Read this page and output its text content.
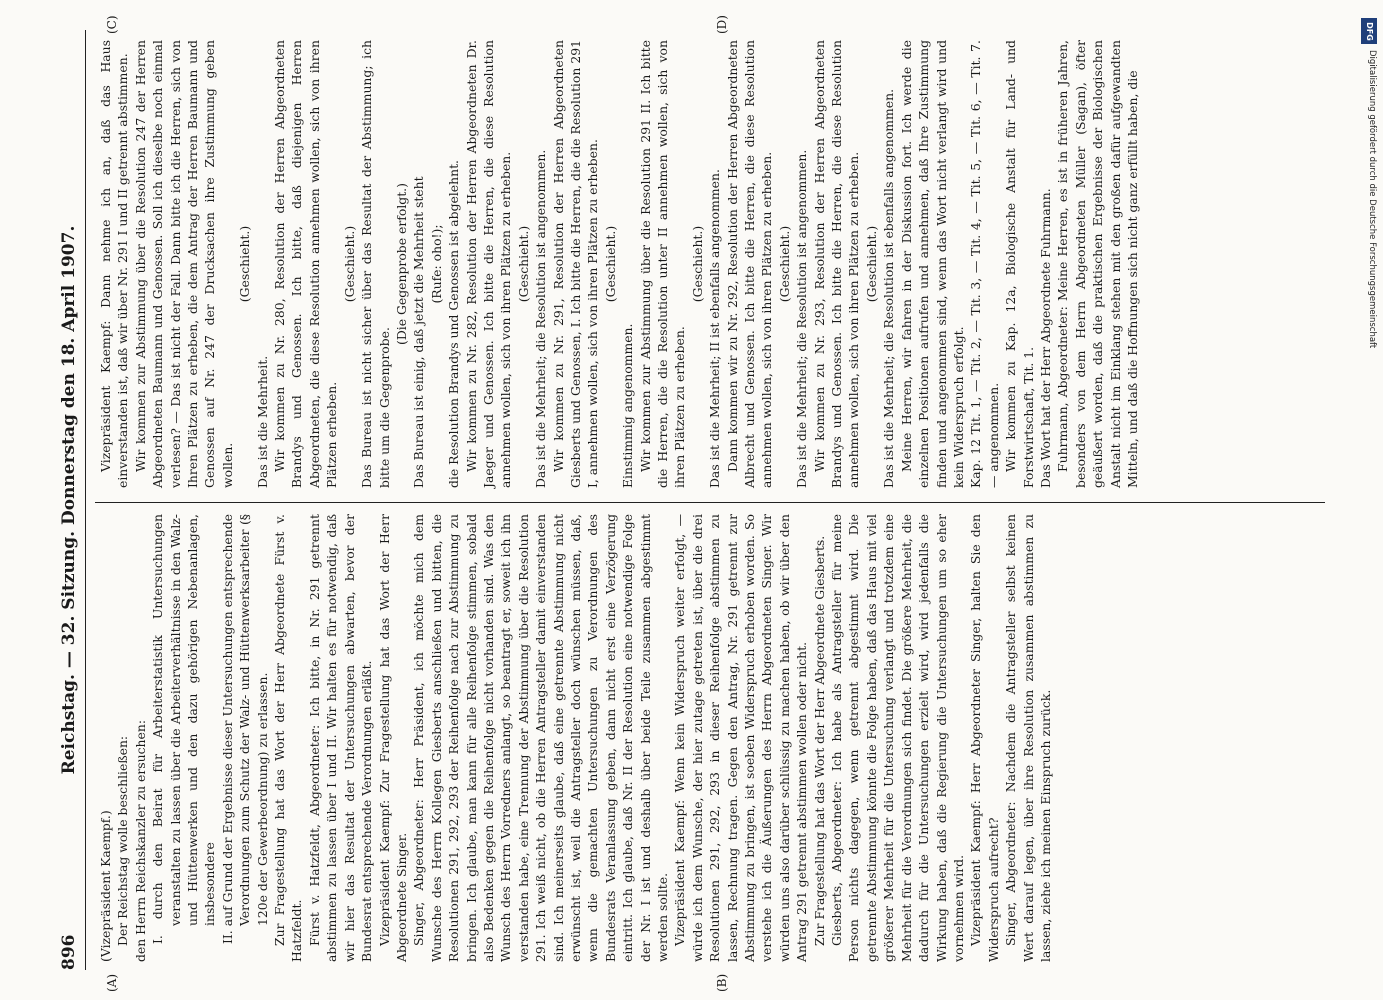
896
Reichstag. — 32. Sitzung. Donnerstag den 18. April 1907.
(A)	(B)
(C)	(D)

(Vizepräsident Kaempf.) Der Reichstag wolle beschließen: den Herrn Reichskanzler zu ersuchen: I. durch den Beirat für Arbeiterstatistik Untersuchungen veranstalten zu lassen über die Arbeiterverhältnisse in den Walz- und Hüttenwerken und den dazu gehörigen Nebenanlagen, insbesondere II. auf Grund der Ergebnisse dieser Untersuchungen entsprechende Verordnungen zum Schutz der Walz- und Hüttenwerksarbeiter (§ 120e der Gewerbeordnung) zu erlassen. Zur Fragestellung hat das Wort der Herr Abgeordnete Fürst v. Hatzfeldt. Fürst v. Hatzfeldt, Abgeordneter: Ich bitte, in Nr. 291 getrennt abstimmen zu lassen über I und II. Wir halten es für notwendig, daß wir hier das Resultat der Untersuchungen abwarten, bevor der Bundesrat entsprechende Verordnungen erläßt. Vizepräsident Kaempf: Zur Fragestellung hat das Wort der Herr Abgeordnete Singer. Singer, Abgeordneter: Herr Präsident, ich möchte mich dem Wunsche des Herrn Kollegen Giesberts anschließen und bitten, die Resolutionen 291, 292, 293 der Reihenfolge nach zur Abstimmung zu bringen. Ich glaube, man kann für alle Reihenfolge stimmen, sobald also Bedenken gegen die Reihenfolge nicht vorhanden sind. Was den Wunsch des Herrn Vorredners anlangt, so beantragt er, soweit ich ihn verstanden habe, eine Trennung der Abstimmung über die Resolution 291. Ich weiß nicht, ob die Herren Antragsteller damit einverstanden sind. Ich meinerseits glaube, daß eine getrennte Abstimmung nicht erwünscht ist, weil die Antragsteller doch wünschen müssen, daß, wenn die gemachten Untersuchungen zu Verordnungen des Bundesrats Veranlassung geben, dann nicht erst eine Verzögerung eintritt. Ich glaube, daß Nr. II der Resolution eine notwendige Folge der Nr. I ist und deshalb über beide Teile zusammen abgestimmt werden sollte. Vizepräsident Kaempf: Wenn kein Widerspruch weiter erfolgt, — würde ich dem Wunsche, der hier zutage getreten ist, über die drei Resolutionen 291, 292, 293 in dieser Reihenfolge abstimmen zu lassen, Rechnung tragen. Gegen den Antrag, Nr. 291 getrennt zur Abstimmung zu bringen, ist soeben Widerspruch erhoben worden. So verstehe ich die Äußerungen des Herrn Abgeordneten Singer. Wir würden uns also darüber schlüssig zu machen haben, ob wir über den Antrag 291 getrennt abstimmen wollen oder nicht. Zur Fragestellung hat das Wort der Herr Abgeordnete Giesberts. Giesberts, Abgeordneter: Ich habe als Antragsteller für meine Person nichts dagegen, wenn getrennt abgestimmt wird. Die getrennte Abstimmung könnte die Folge haben, daß das Haus mit viel größerer Mehrheit für die Untersuchung verlangt und trotzdem eine Mehrheit für die Verordnungen sich findet. Die größere Mehrheit, die dadurch für die Untersuchungen erzielt wird, wird jedenfalls die Wirkung haben, daß die Regierung die Untersuchungen um so eher vornehmen wird. Vizepräsident Kaempf: Herr Abgeordneter Singer, halten Sie den Widerspruch aufrecht? Singer, Abgeordneter: Nachdem die Antragsteller selbst keinen Wert darauf legen, über ihre Resolution zusammen abstimmen zu lassen, ziehe ich meinen Einspruch zurück.

Vizepräsident Kaempf: Dann nehme ich an, daß das Haus einverstanden ist, daß wir über Nr. 291 I und II getrennt abstimmen. Wir kommen zur Abstimmung über die Resolution 247 der Herren Abgeordneten Baumann und Genossen. Soll ich dieselbe noch einmal verlesen? — Das ist nicht der Fall. Dann bitte ich die Herren, sich von Ihren Plätzen zu erheben, die dem Antrag der Herren Baumann und Genossen auf Nr. 247 der Drucksachen ihre Zustimmung geben wollen.

(Geschieht.)

Das ist die Mehrheit. Wir kommen zu Nr. 280, Resolution der Herren Abgeordneten Brandys und Genossen. Ich bitte, daß diejenigen Herren Abgeordneten, die diese Resolution annehmen wollen, sich von ihren Plätzen erheben.

(Geschieht.) Das Bureau ist nicht sicher über das Resultat der Abstimmung; ich bitte um die Gegenprobe.

(Die Gegenprobe erfolgt.) Das Bureau ist einig, daß jetzt die Mehrheit steht (Rufe: oho!); die Resolution Brandys und Genossen ist abgelehnt. Wir kommen zu Nr. 282, Resolution der Herren Abgeordneten Dr. Jaeger und Genossen. Ich bitte die Herren, die diese Resolution annehmen wollen, sich von ihren Plätzen zu erheben. (Geschieht.) Das ist die Mehrheit; die Resolution ist angenommen. Wir kommen zu Nr. 291, Resolution der Herren Abgeordneten Giesberts und Genossen, I. Ich bitte die Herren, die die Resolution 291 I, annehmen wollen, sich von ihren Plätzen zu erheben. (Geschieht.)

Einstimmig angenommen. Wir kommen zur Abstimmung über die Resolution 291 II. Ich bitte die Herren, die die Resolution unter II annehmen wollen, sich von ihren Plätzen zu erheben.

(Geschieht.) Das ist die Mehrheit; II ist ebenfalls angenommen. Dann kommen wir zu Nr. 292, Resolution der Herren Abgeordneten Albrecht und Genossen. Ich bitte die Herren, die diese Resolution annehmen wollen, sich von ihren Plätzen zu erheben. (Geschieht.) Das ist die Mehrheit; die Resolution ist angenommen. Wir kommen zu Nr. 293, Resolution der Herren Abgeordneten Brandys und Genossen. Ich bitte die Herren, die diese Resolution annehmen wollen, sich von ihren Plätzen zu erheben. (Geschieht.) Das ist die Mehrheit; die Resolution ist ebenfalls angenommen. Meine Herren, wir fahren in der Diskussion fort. Ich werde die einzelnen Positionen aufrufen und annehmen, daß Ihre Zustimmung finden und angenommen sind, wenn das Wort nicht verlangt wird und kein Widerspruch erfolgt. Kap. 12 Tit. 1, — Tit. 2, — Tit. 3, — Tit. 4, — Tit. 5, — Tit. 6, — Tit. 7. — angenommen. Wir kommen zu Kap. 12a, Biologische Anstalt für Land- und Forstwirtschaft, Tit. 1. Das Wort hat der Herr Abgeordnete Fuhrmann. Fuhrmann, Abgeordneter: Meine Herren, es ist in früheren Jahren, besonders von dem Herrn Abgeordneten Müller (Sagan), öfter geäußert worden, daß die praktischen Ergebnisse der Biologischen Anstalt nicht im Einklang stehen mit den großen dafür aufgewandten Mitteln, und daß die Hoffnungen sich nicht ganz erfüllt haben, die

DFG
Digitalisierung gefördert durch die Deutsche Forschungsgemeinschaft
